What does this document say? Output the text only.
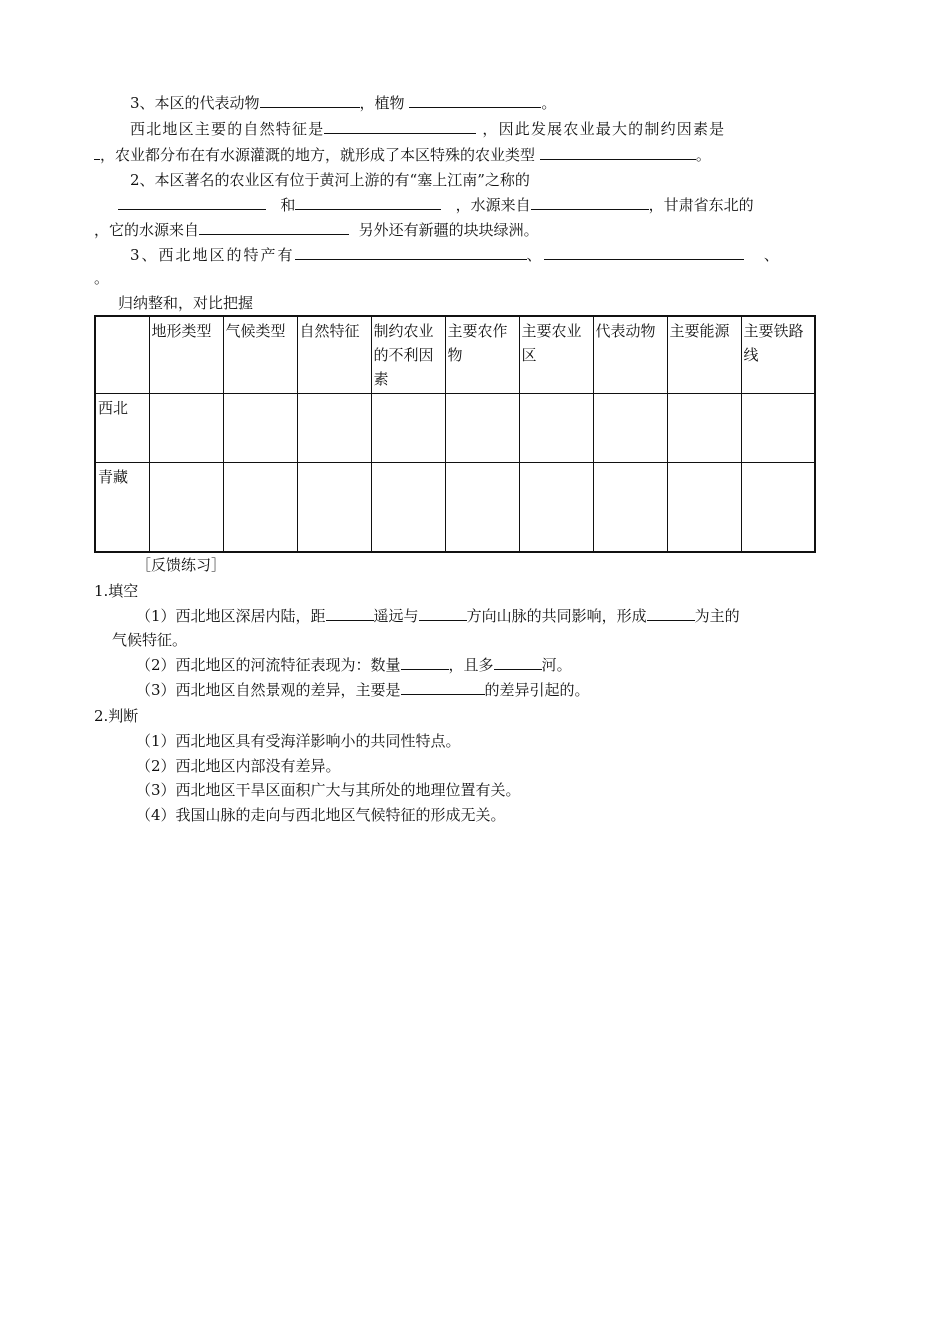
3、本区的代表动物	，植物	。
西北地区主要的自然特征是	，因此发展农业最大的制约因素是
，农业都分布在有水源灌溉的地方，就形成了本区特殊的农业类型	。
2、本区著名的农业区有位于黄河上游的有“塞上江南”之称的
和	，水源来自	，甘肃省东北的
，它的水源来自	另外还有新疆的块块绿洲。
3、西北地区的特产有	、	、
。
归纳整和，对比把握
	地形类型	气候类型	自然特征	制约农业的不利因素	主要农作物	主要农业区	代表动物	主要能源	主要铁路线
西北									
青藏									
［反馈练习］
1.填空
（1）西北地区深居内陆，距	遥远与	方向山脉的共同影响，形成	为主的
气候特征。
（2）西北地区的河流特征表现为：数量	，且多	河。
（3）西北地区自然景观的差异，主要是	的差异引起的。
2.判断
（1）西北地区具有受海洋影响小的共同性特点。
（2）西北地区内部没有差异。
（3）西北地区干旱区面积广大与其所处的地理位置有关。
（4）我国山脉的走向与西北地区气候特征的形成无关。
